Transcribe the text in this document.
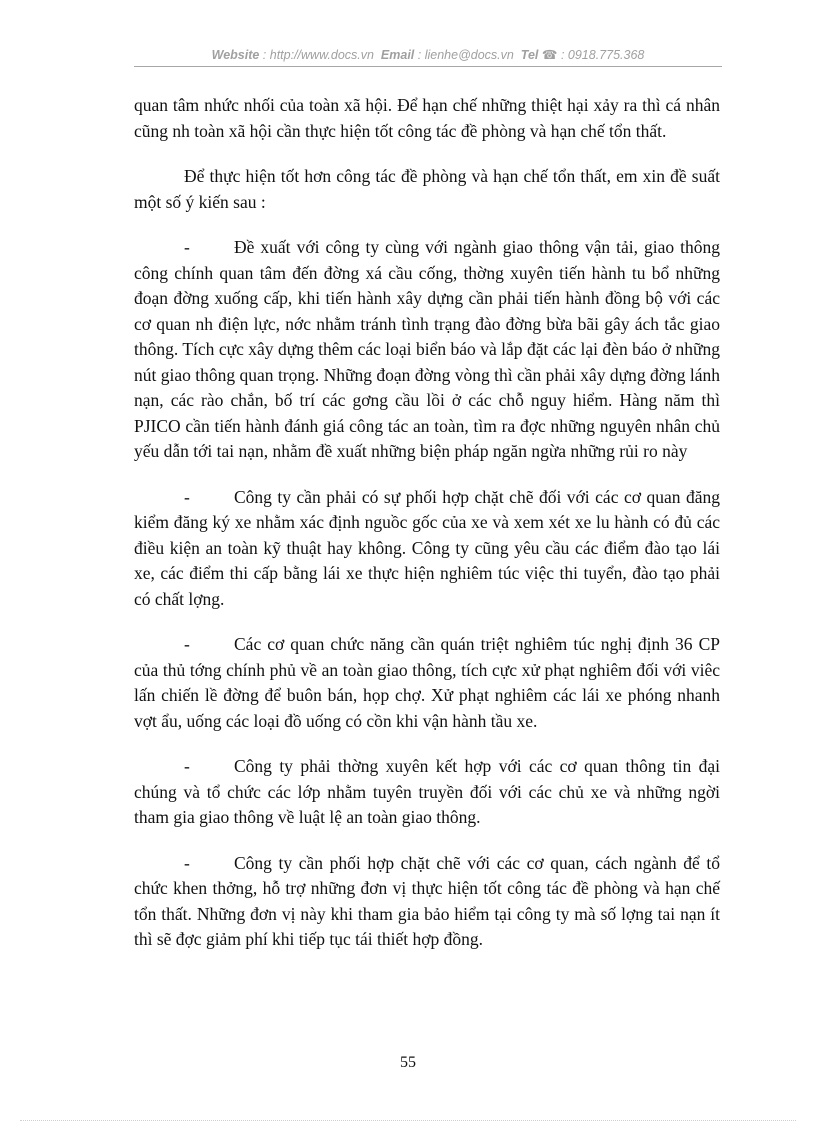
Website : http://www.docs.vn Email : lienhe@docs.vn Tel ☎ : 0918.775.368

quan tâm nhức nhối của toàn xã hội. Để hạn chế những thiệt hại xảy ra thì cá nhân cũng nh toàn xã hội cần thực hiện tốt công tác đề phòng và hạn chế tổn thất.

Để thực hiện tốt hơn công tác đề phòng và hạn chế tổn thất, em xin đề suất một số ý kiến sau :

-	Đề xuất với công ty cùng với ngành giao thông vận tải, giao thông công chính quan tâm đến đờng xá cầu cống, thờng xuyên tiến hành tu bổ những đoạn đờng xuống cấp, khi tiến hành xây dựng cần phải tiến hành đồng bộ với các cơ quan nh điện lực, nớc nhằm tránh tình trạng đào đờng bừa bãi gây ách tắc giao thông. Tích cực xây dựng thêm các loại biển báo và lắp đặt các lại đèn báo ở những nút giao thông quan trọng. Những đoạn đờng vòng thì cần phải xây dựng đờng lánh nạn, các rào chắn, bố trí các gơng cầu lồi ở các chỗ nguy hiểm. Hàng năm thì PJICO cần tiến hành đánh giá công tác an toàn, tìm ra đợc những nguyên nhân chủ yếu dẫn tới tai nạn, nhằm đề xuất những biện pháp ngăn ngừa những rủi ro này

-	Công ty cần phải có sự phối hợp chặt chẽ đối với các cơ quan đăng kiểm đăng ký xe nhằm xác định nguồc gốc của xe và xem xét xe lu hành có đủ các điều kiện an toàn kỹ thuật hay không. Công ty cũng yêu cầu các điểm đào tạo lái xe, các điểm thi cấp bằng lái xe thực hiện nghiêm túc việc thi tuyển, đào tạo phải có chất lợng.

-	Các cơ quan chức năng cần quán triệt nghiêm túc nghị định 36 CP của thủ tớng chính phủ về an toàn giao thông, tích cực xử phạt nghiêm đối với viêc lấn chiến lề đờng để buôn bán, họp chợ. Xử phạt nghiêm các lái xe phóng nhanh vợt ẩu, uống các loại đồ uống có cồn khi vận hành tầu xe.

-	Công ty phải thờng xuyên kết hợp với các cơ quan thông tin đại chúng và tổ chức các lớp nhằm tuyên truyền đối với các chủ xe và những ngời tham gia giao thông về luật lệ an toàn giao thông.

-	Công ty cần phối hợp chặt chẽ với các cơ quan, cách ngành để tổ chức khen thởng, hỗ trợ những đơn vị thực hiện tốt công tác đề phòng và hạn chế tổn thất. Những đơn vị này khi tham gia bảo hiểm tại công ty mà số lợng tai nạn ít thì sẽ đợc giảm phí khi tiếp tục tái thiết hợp đồng.

55
